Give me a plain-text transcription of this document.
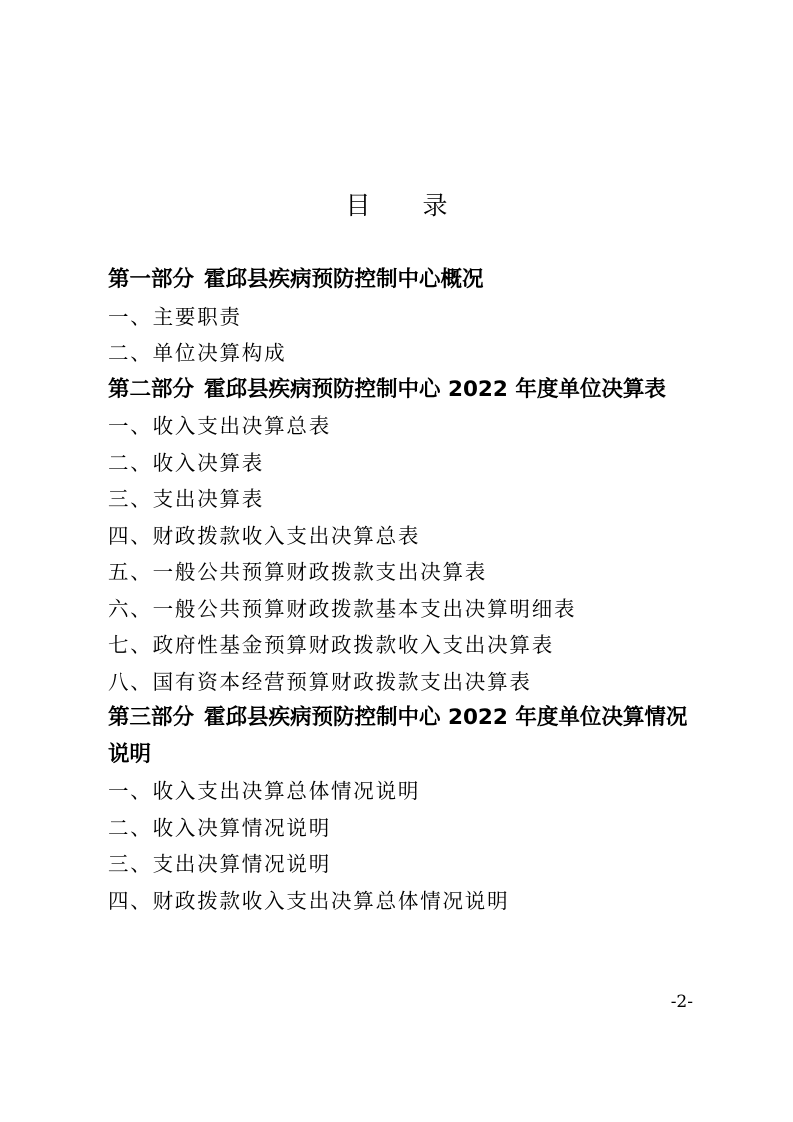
目 录

第一部分 霍邱县疾病预防控制中心概况

一、主要职责

二、单位决算构成

第二部分 霍邱县疾病预防控制中心 2022 年度单位决算表

一、收入支出决算总表

二、收入决算表

三、支出决算表

四、财政拨款收入支出决算总表

五、一般公共预算财政拨款支出决算表

六、一般公共预算财政拨款基本支出决算明细表

七、政府性基金预算财政拨款收入支出决算表

八、国有资本经营预算财政拨款支出决算表

第三部分 霍邱县疾病预防控制中心 2022 年度单位决算情况说明

一、收入支出决算总体情况说明

二、收入决算情况说明

三、支出决算情况说明

四、财政拨款收入支出决算总体情况说明

-2-
